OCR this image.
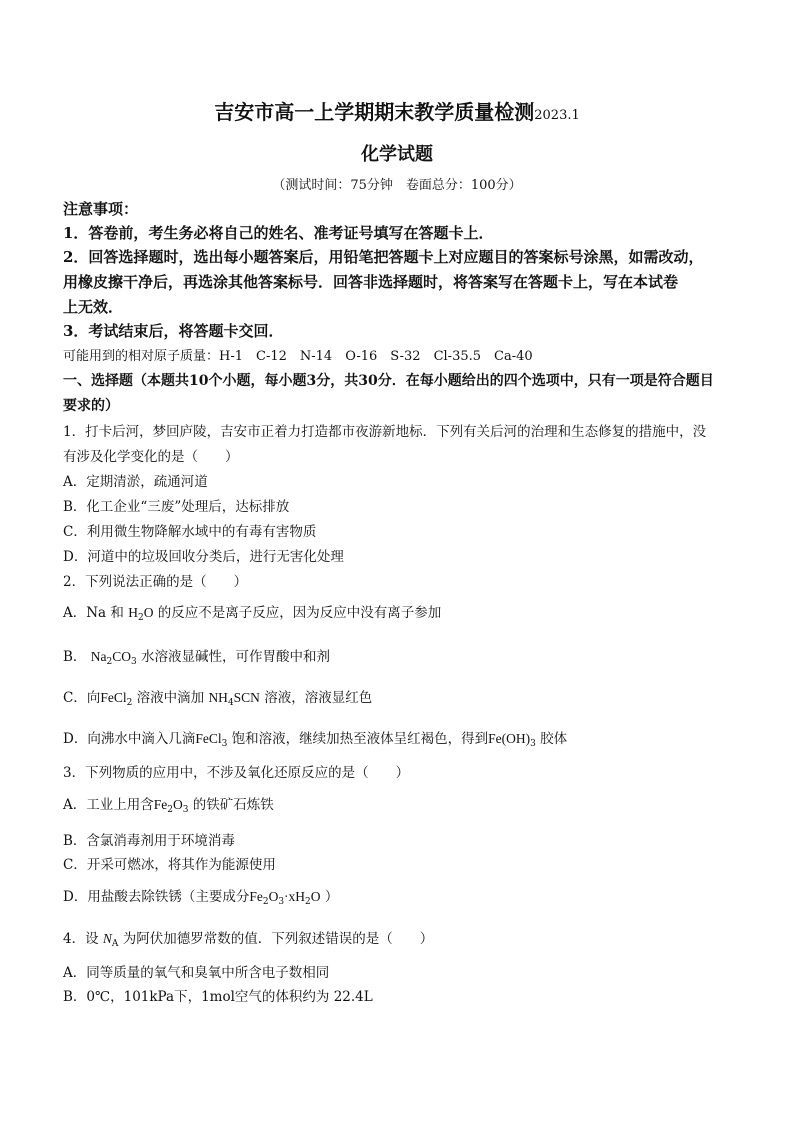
吉安市高一上学期期末教学质量检测2023.1
化学试题
（测试时间：75分钟　卷面总分：100分）
注意事项：
1．答卷前，考生务必将自己的姓名、准考证号填写在答题卡上．
2．回答选择题时，选出每小题答案后，用铅笔把答题卡上对应题目的答案标号涂黑，如需改动，
用橡皮擦干净后，再选涂其他答案标号．回答非选择题时，将答案写在答题卡上，写在本试卷
上无效．
3．考试结束后，将答题卡交回．
可能用到的相对原子质量：H-1　C-12　N-14　O-16　S-32　Cl-35.5　Ca-40
一、选择题（本题共10个小题，每小题3分，共30分．在每小题给出的四个选项中，只有一项是符合题目
要求的）
1．打卡后河，梦回庐陵，吉安市正着力打造都市夜游新地标．下列有关后河的治理和生态修复的措施中，没
有涉及化学变化的是（　　）
A．定期清淤，疏通河道
B．化工企业“三废”处理后，达标排放
C．利用微生物降解水域中的有毒有害物质
D．河道中的垃圾回收分类后，进行无害化处理
2．下列说法正确的是（　　）
A．Na 和 $H_2O$ 的反应不是离子反应，因为反应中没有离子参加
B． $Na_2CO_3$ 水溶液显碱性，可作胃酸中和剂
C．向FeCl$_2$ 溶液中滴加 $NH_4SCN$ 溶液，溶液显红色
D．向沸水中滴入几滴FeCl$_3$ 饱和溶液，继续加热至液体呈红褐色，得到$Fe(OH)_3$ 胶体
3．下列物质的应用中，不涉及氧化还原反应的是（　　）
A．工业上用含$Fe_2O_3$ 的铁矿石炼铁
B．含氯消毒剂用于环境消毒
C．开采可燃冰，将其作为能源使用
D．用盐酸去除铁锈（主要成分$Fe_2O_3\cdot xH_2O$ ）
4．设 $N_A$ 为阿伏加德罗常数的值．下列叙述错误的是（　　）
A．同等质量的氧气和臭氧中所含电子数相同
B．0℃，101kPa下，1mol空气的体积约为 22.4L
